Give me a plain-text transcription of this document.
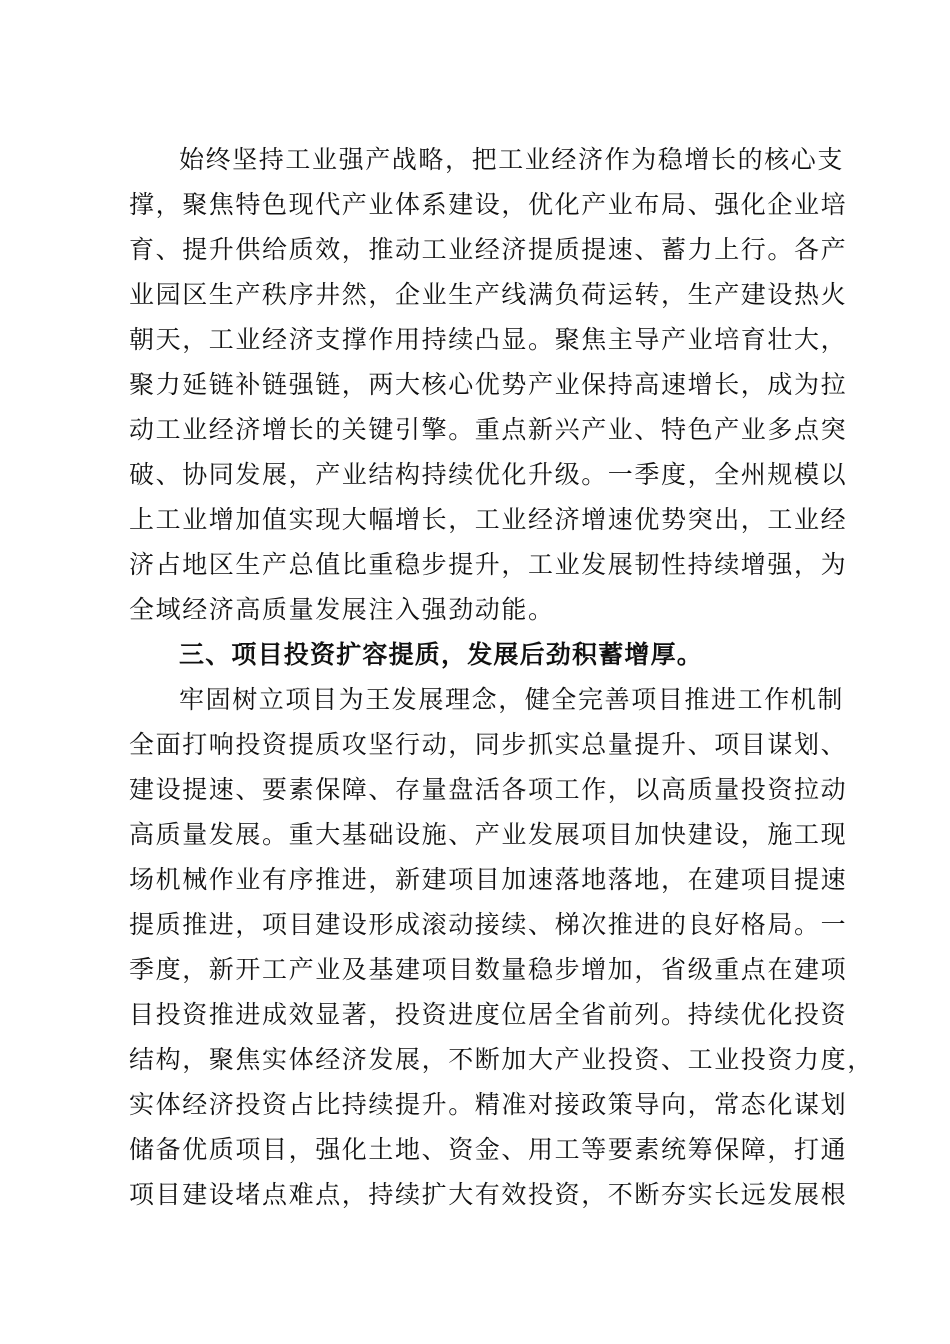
始终坚持工业强产战略，把工业经济作为稳增长的核心支
撑，聚焦特色现代产业体系建设，优化产业布局、强化企业培
育、提升供给质效，推动工业经济提质提速、蓄力上行。各产
业园区生产秩序井然，企业生产线满负荷运转，生产建设热火
朝天，工业经济支撑作用持续凸显。聚焦主导产业培育壮大，
聚力延链补链强链，两大核心优势产业保持高速增长，成为拉
动工业经济增长的关键引擎。重点新兴产业、特色产业多点突
破、协同发展，产业结构持续优化升级。一季度，全州规模以
上工业增加值实现大幅增长，工业经济增速优势突出，工业经
济占地区生产总值比重稳步提升，工业发展韧性持续增强，为
全域经济高质量发展注入强劲动能。
三、项目投资扩容提质，发展后劲积蓄增厚。
牢固树立项目为王发展理念，健全完善项目推进工作机制
全面打响投资提质攻坚行动，同步抓实总量提升、项目谋划、
建设提速、要素保障、存量盘活各项工作，以高质量投资拉动
高质量发展。重大基础设施、产业发展项目加快建设，施工现
场机械作业有序推进，新建项目加速落地落地，在建项目提速
提质推进，项目建设形成滚动接续、梯次推进的良好格局。一
季度，新开工产业及基建项目数量稳步增加，省级重点在建项
目投资推进成效显著，投资进度位居全省前列。持续优化投资
结构，聚焦实体经济发展，不断加大产业投资、工业投资力度，
实体经济投资占比持续提升。精准对接政策导向，常态化谋划
储备优质项目，强化土地、资金、用工等要素统筹保障，打通
项目建设堵点难点，持续扩大有效投资，不断夯实长远发展根
